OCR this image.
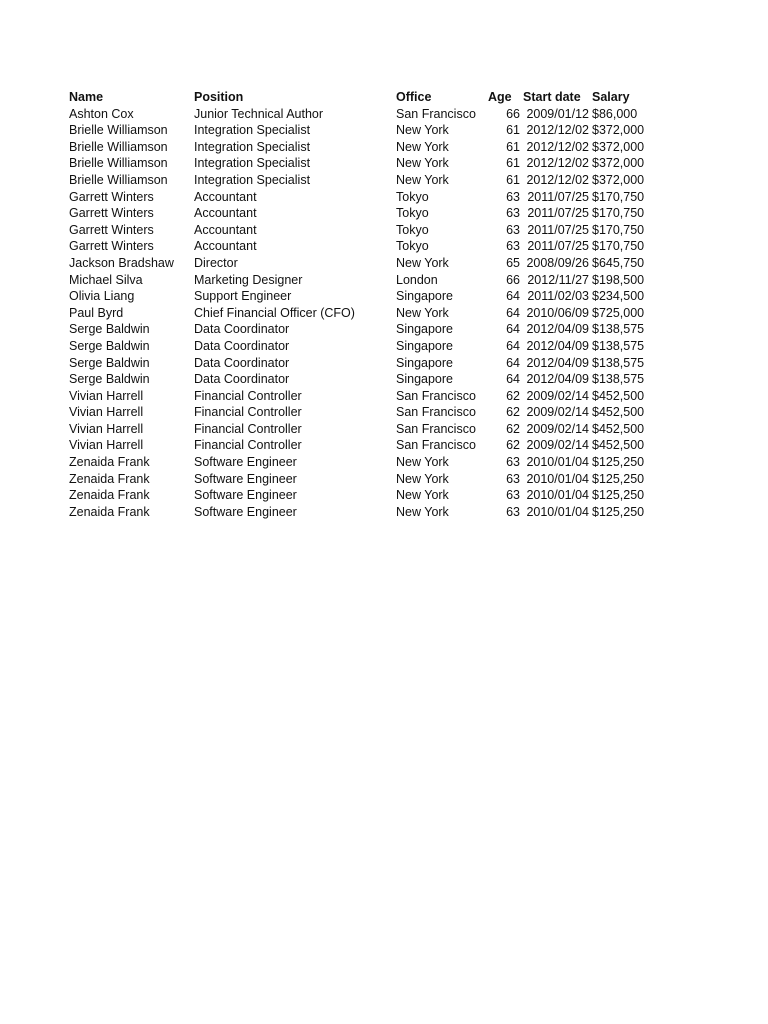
Name	Position	Office	Age	Start date	Salary
Ashton Cox	Junior Technical Author	San Francisco	66	2009/01/12	$86,000
Brielle Williamson	Integration Specialist	New York	61	2012/12/02	$372,000
Brielle Williamson	Integration Specialist	New York	61	2012/12/02	$372,000
Brielle Williamson	Integration Specialist	New York	61	2012/12/02	$372,000
Brielle Williamson	Integration Specialist	New York	61	2012/12/02	$372,000
Garrett Winters	Accountant	Tokyo	63	2011/07/25	$170,750
Garrett Winters	Accountant	Tokyo	63	2011/07/25	$170,750
Garrett Winters	Accountant	Tokyo	63	2011/07/25	$170,750
Garrett Winters	Accountant	Tokyo	63	2011/07/25	$170,750
Jackson Bradshaw	Director	New York	65	2008/09/26	$645,750
Michael Silva	Marketing Designer	London	66	2012/11/27	$198,500
Olivia Liang	Support Engineer	Singapore	64	2011/02/03	$234,500
Paul Byrd	Chief Financial Officer (CFO)	New York	64	2010/06/09	$725,000
Serge Baldwin	Data Coordinator	Singapore	64	2012/04/09	$138,575
Serge Baldwin	Data Coordinator	Singapore	64	2012/04/09	$138,575
Serge Baldwin	Data Coordinator	Singapore	64	2012/04/09	$138,575
Serge Baldwin	Data Coordinator	Singapore	64	2012/04/09	$138,575
Vivian Harrell	Financial Controller	San Francisco	62	2009/02/14	$452,500
Vivian Harrell	Financial Controller	San Francisco	62	2009/02/14	$452,500
Vivian Harrell	Financial Controller	San Francisco	62	2009/02/14	$452,500
Vivian Harrell	Financial Controller	San Francisco	62	2009/02/14	$452,500
Zenaida Frank	Software Engineer	New York	63	2010/01/04	$125,250
Zenaida Frank	Software Engineer	New York	63	2010/01/04	$125,250
Zenaida Frank	Software Engineer	New York	63	2010/01/04	$125,250
Zenaida Frank	Software Engineer	New York	63	2010/01/04	$125,250
